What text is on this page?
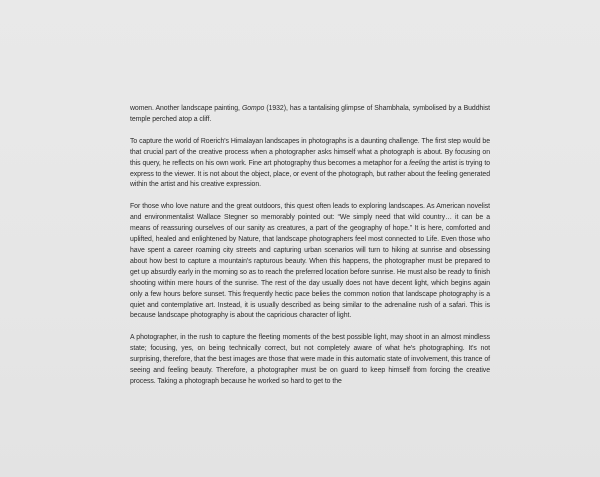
women. Another landscape painting, Gompo (1932), has a tantalising glimpse of Shambhala, symbolised by a Buddhist temple perched atop a cliff.

To capture the world of Roerich's Himalayan landscapes in photographs is a daunting challenge. The first step would be that crucial part of the creative process when a photographer asks himself what a photograph is about. By focusing on this query, he reflects on his own work. Fine art photography thus becomes a metaphor for a feeling the artist is trying to express to the viewer. It is not about the object, place, or event of the photograph, but rather about the feeling generated within the artist and his creative expression.

For those who love nature and the great outdoors, this quest often leads to exploring landscapes. As American novelist and environmentalist Wallace Stegner so memorably pointed out: “We simply need that wild country… it can be a means of reassuring ourselves of our sanity as creatures, a part of the geography of hope.” It is here, comforted and uplifted, healed and enlightened by Nature, that landscape photographers feel most connected to Life. Even those who have spent a career roaming city streets and capturing urban scenarios will turn to hiking at sunrise and obsessing about how best to capture a mountain's rapturous beauty. When this happens, the photographer must be prepared to get up absurdly early in the morning so as to reach the preferred location before sunrise. He must also be ready to finish shooting within mere hours of the sunrise. The rest of the day usually does not have decent light, which begins again only a few hours before sunset. This frequently hectic pace belies the common notion that landscape photography is a quiet and contemplative art. Instead, it is usually described as being similar to the adrenaline rush of a safari. This is because landscape photography is about the capricious character of light.

A photographer, in the rush to capture the fleeting moments of the best possible light, may shoot in an almost mindless state; focusing, yes, on being technically correct, but not completely aware of what he's photographing. It's not surprising, therefore, that the best images are those that were made in this automatic state of involvement, this trance of seeing and feeling beauty. Therefore, a photographer must be on guard to keep himself from forcing the creative process. Taking a photograph because he worked so hard to get to the
